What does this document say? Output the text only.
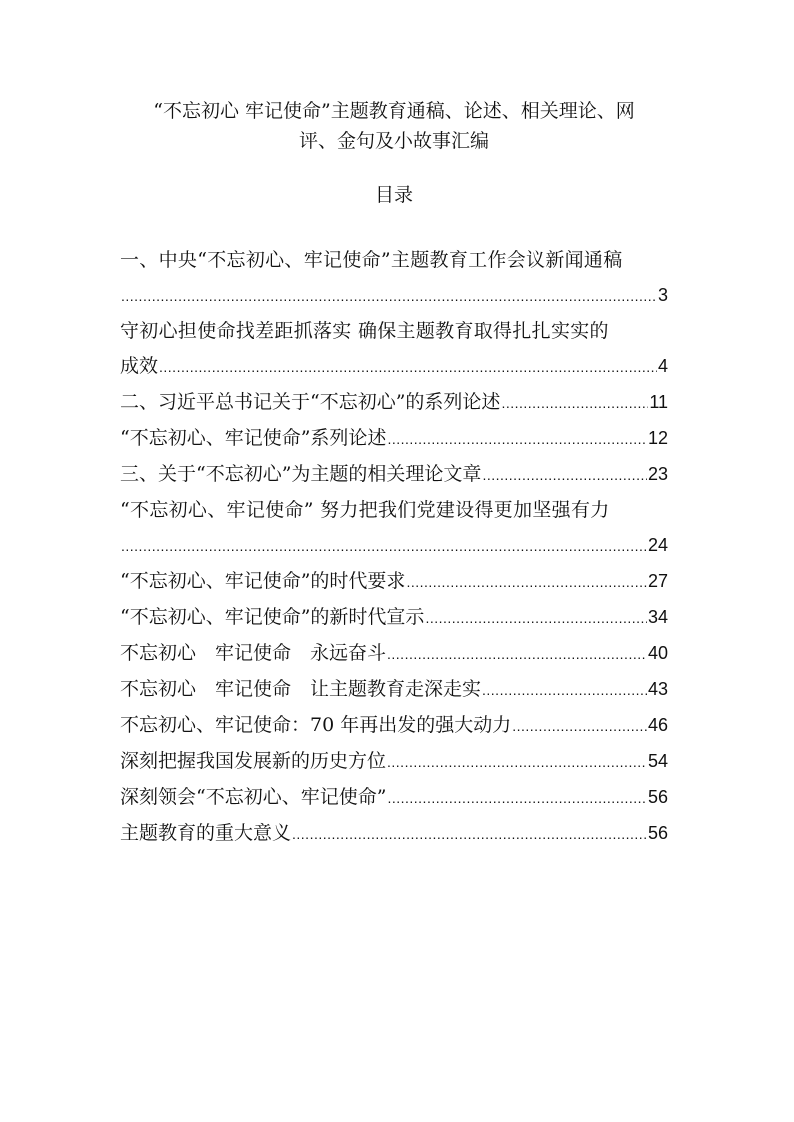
“不忘初心 牢记使命”主题教育通稿、论述、相关理论、网
评、金句及小故事汇编
目录
一、中央“不忘初心、牢记使命”主题教育工作会议新闻通稿
.....
3
守初心担使命找差距抓落实 确保主题教育取得扎扎实实的
成效 .....	4
二、习近平总书记关于“不忘初心”的系列论述 .....	11
“不忘初心、牢记使命”系列论述 .....	12
三、关于“不忘初心”为主题的相关理论文章 .....	23
“不忘初心、牢记使命” 努力把我们党建设得更加坚强有力
.....
24
“不忘初心、牢记使命”的时代要求 .....	27
“不忘初心、牢记使命”的新时代宣示 .....	34
不忘初心　牢记使命　永远奋斗 .....	40
不忘初心　牢记使命　让主题教育走深走实 .....	43
不忘初心、牢记使命：70 年再出发的强大动力 .....	46
深刻把握我国发展新的历史方位 .....	54
深刻领会“不忘初心、牢记使命” .....	56
主题教育的重大意义 .....	56
